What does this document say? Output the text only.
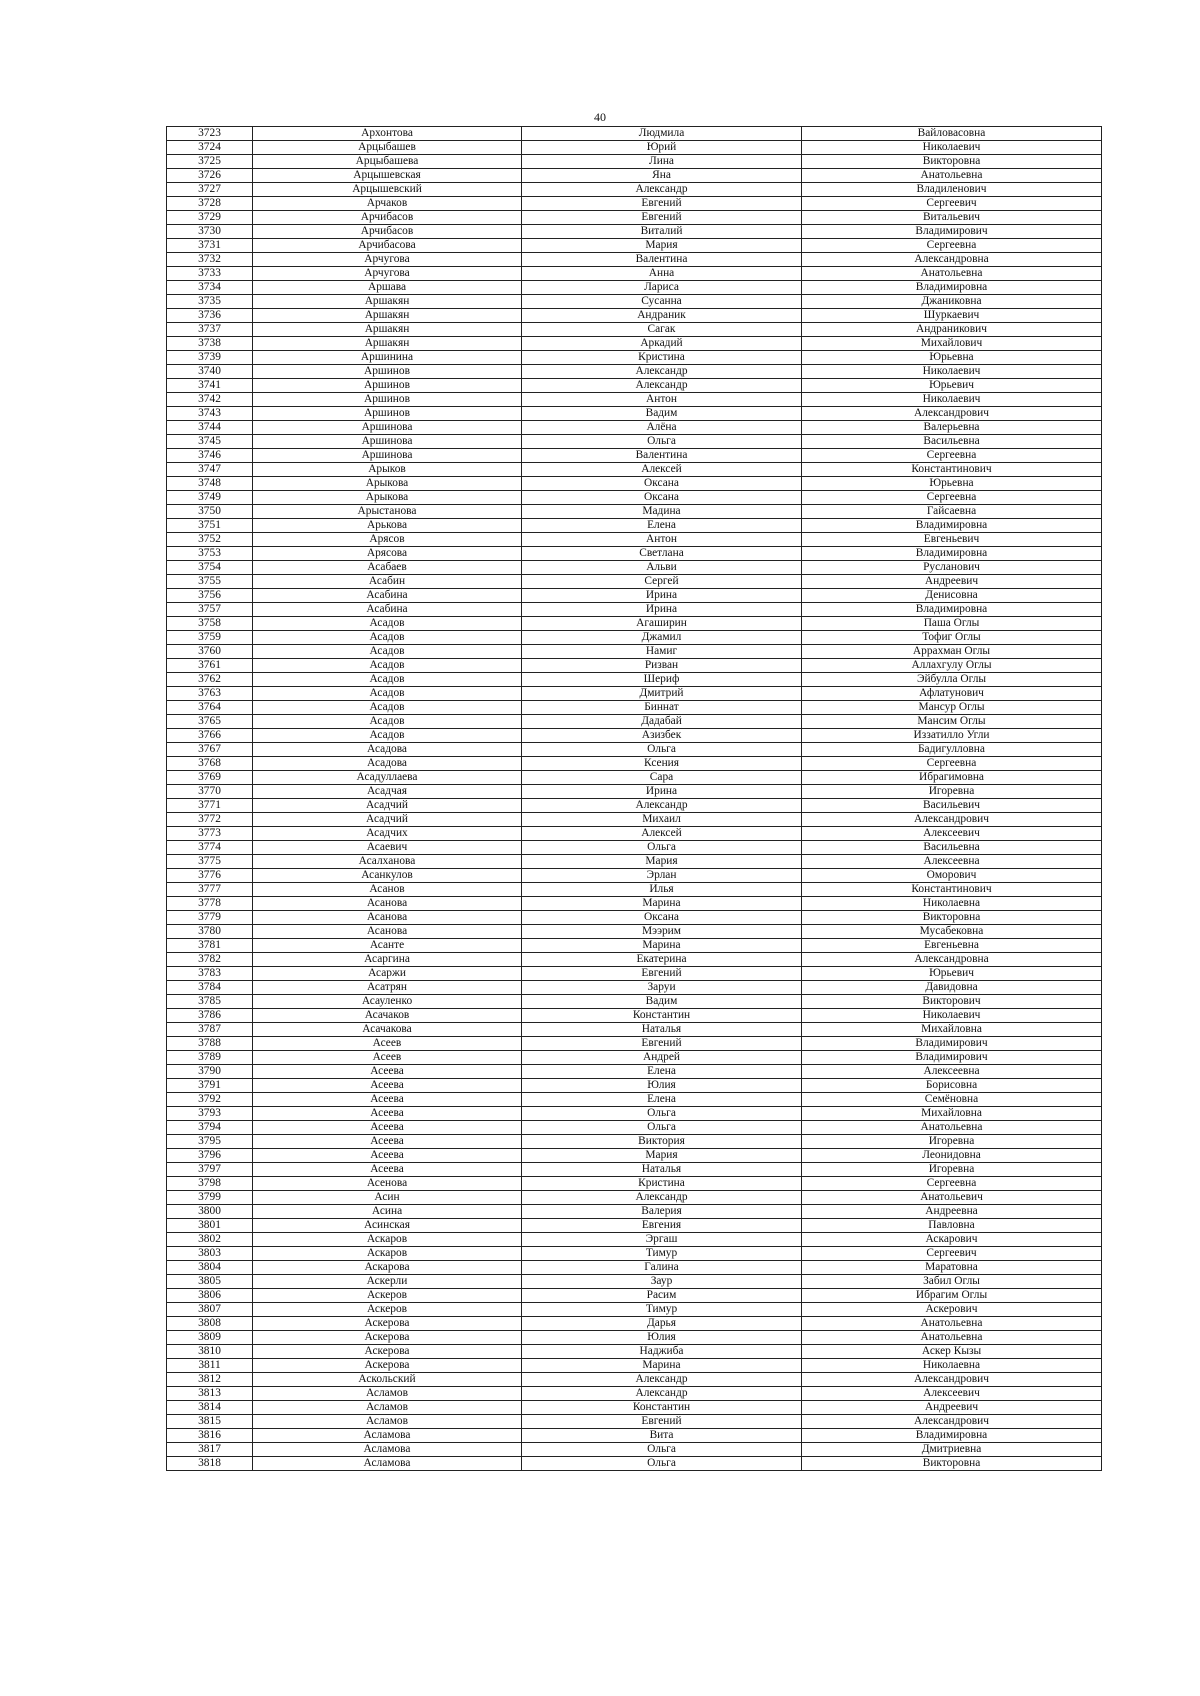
40
3723	Архонтова	Людмила	Вайловасовна
3724	Арцыбашев	Юрий	Николаевич
3725	Арцыбашева	Лина	Викторовна
3726	Арцышевская	Яна	Анатольевна
3727	Арцышевский	Александр	Владиленович
3728	Арчаков	Евгений	Сергеевич
3729	Арчибасов	Евгений	Витальевич
3730	Арчибасов	Виталий	Владимирович
3731	Арчибасова	Мария	Сергеевна
3732	Арчугова	Валентина	Александровна
3733	Арчугова	Анна	Анатольевна
3734	Аршава	Лариса	Владимировна
3735	Аршакян	Сусанна	Джаниковна
3736	Аршакян	Андраник	Шуркаевич
3737	Аршакян	Сагак	Андраникович
3738	Аршакян	Аркадий	Михайлович
3739	Аршинина	Кристина	Юрьевна
3740	Аршинов	Александр	Николаевич
3741	Аршинов	Александр	Юрьевич
3742	Аршинов	Антон	Николаевич
3743	Аршинов	Вадим	Александрович
3744	Аршинова	Алёна	Валерьевна
3745	Аршинова	Ольга	Васильевна
3746	Аршинова	Валентина	Сергеевна
3747	Арыков	Алексей	Константинович
3748	Арыкова	Оксана	Юрьевна
3749	Арыкова	Оксана	Сергеевна
3750	Арыстанова	Мадина	Гайсаевна
3751	Арькова	Елена	Владимировна
3752	Арясов	Антон	Евгеньевич
3753	Арясова	Светлана	Владимировна
3754	Асабаев	Альви	Русланович
3755	Асабин	Сергей	Андреевич
3756	Асабина	Ирина	Денисовна
3757	Асабина	Ирина	Владимировна
3758	Асадов	Агаширин	Паша Оглы
3759	Асадов	Джамил	Тофиг Оглы
3760	Асадов	Намиг	Аррахман Оглы
3761	Асадов	Ризван	Аллахгулу Оглы
3762	Асадов	Шериф	Эйбулла Оглы
3763	Асадов	Дмитрий	Афлатунович
3764	Асадов	Биннат	Мансур Оглы
3765	Асадов	Дадабай	Мансим Оглы
3766	Асадов	Азизбек	Иззатилло Угли
3767	Асадова	Ольга	Бадигулловна
3768	Асадова	Ксения	Сергеевна
3769	Асадуллаева	Сара	Ибрагимовна
3770	Асадчая	Ирина	Игоревна
3771	Асадчий	Александр	Васильевич
3772	Асадчий	Михаил	Александрович
3773	Асадчих	Алексей	Алексеевич
3774	Асаевич	Ольга	Васильевна
3775	Асалханова	Мария	Алексеевна
3776	Асанкулов	Эрлан	Оморович
3777	Асанов	Илья	Константинович
3778	Асанова	Марина	Николаевна
3779	Асанова	Оксана	Викторовна
3780	Асанова	Мээрим	Мусабековна
3781	Асанте	Марина	Евгеньевна
3782	Асаргина	Екатерина	Александровна
3783	Асаржи	Евгений	Юрьевич
3784	Асатрян	Заруи	Давидовна
3785	Асауленко	Вадим	Викторович
3786	Асачаков	Константин	Николаевич
3787	Асачакова	Наталья	Михайловна
3788	Асеев	Евгений	Владимирович
3789	Асеев	Андрей	Владимирович
3790	Асеева	Елена	Алексеевна
3791	Асеева	Юлия	Борисовна
3792	Асеева	Елена	Семёновна
3793	Асеева	Ольга	Михайловна
3794	Асеева	Ольга	Анатольевна
3795	Асеева	Виктория	Игоревна
3796	Асеева	Мария	Леонидовна
3797	Асеева	Наталья	Игоревна
3798	Асенова	Кристина	Сергеевна
3799	Асин	Александр	Анатольевич
3800	Асина	Валерия	Андреевна
3801	Асинская	Евгения	Павловна
3802	Аскаров	Эргаш	Аскарович
3803	Аскаров	Тимур	Сергеевич
3804	Аскарова	Галина	Маратовна
3805	Аскерли	Заур	Забил Оглы
3806	Аскеров	Расим	Ибрагим Оглы
3807	Аскеров	Тимур	Аскерович
3808	Аскерова	Дарья	Анатольевна
3809	Аскерова	Юлия	Анатольевна
3810	Аскерова	Наджиба	Аскер Кызы
3811	Аскерова	Марина	Николаевна
3812	Аскольский	Александр	Александрович
3813	Асламов	Александр	Алексеевич
3814	Асламов	Константин	Андреевич
3815	Асламов	Евгений	Александрович
3816	Асламова	Вита	Владимировна
3817	Асламова	Ольга	Дмитриевна
3818	Асламова	Ольга	Викторовна
